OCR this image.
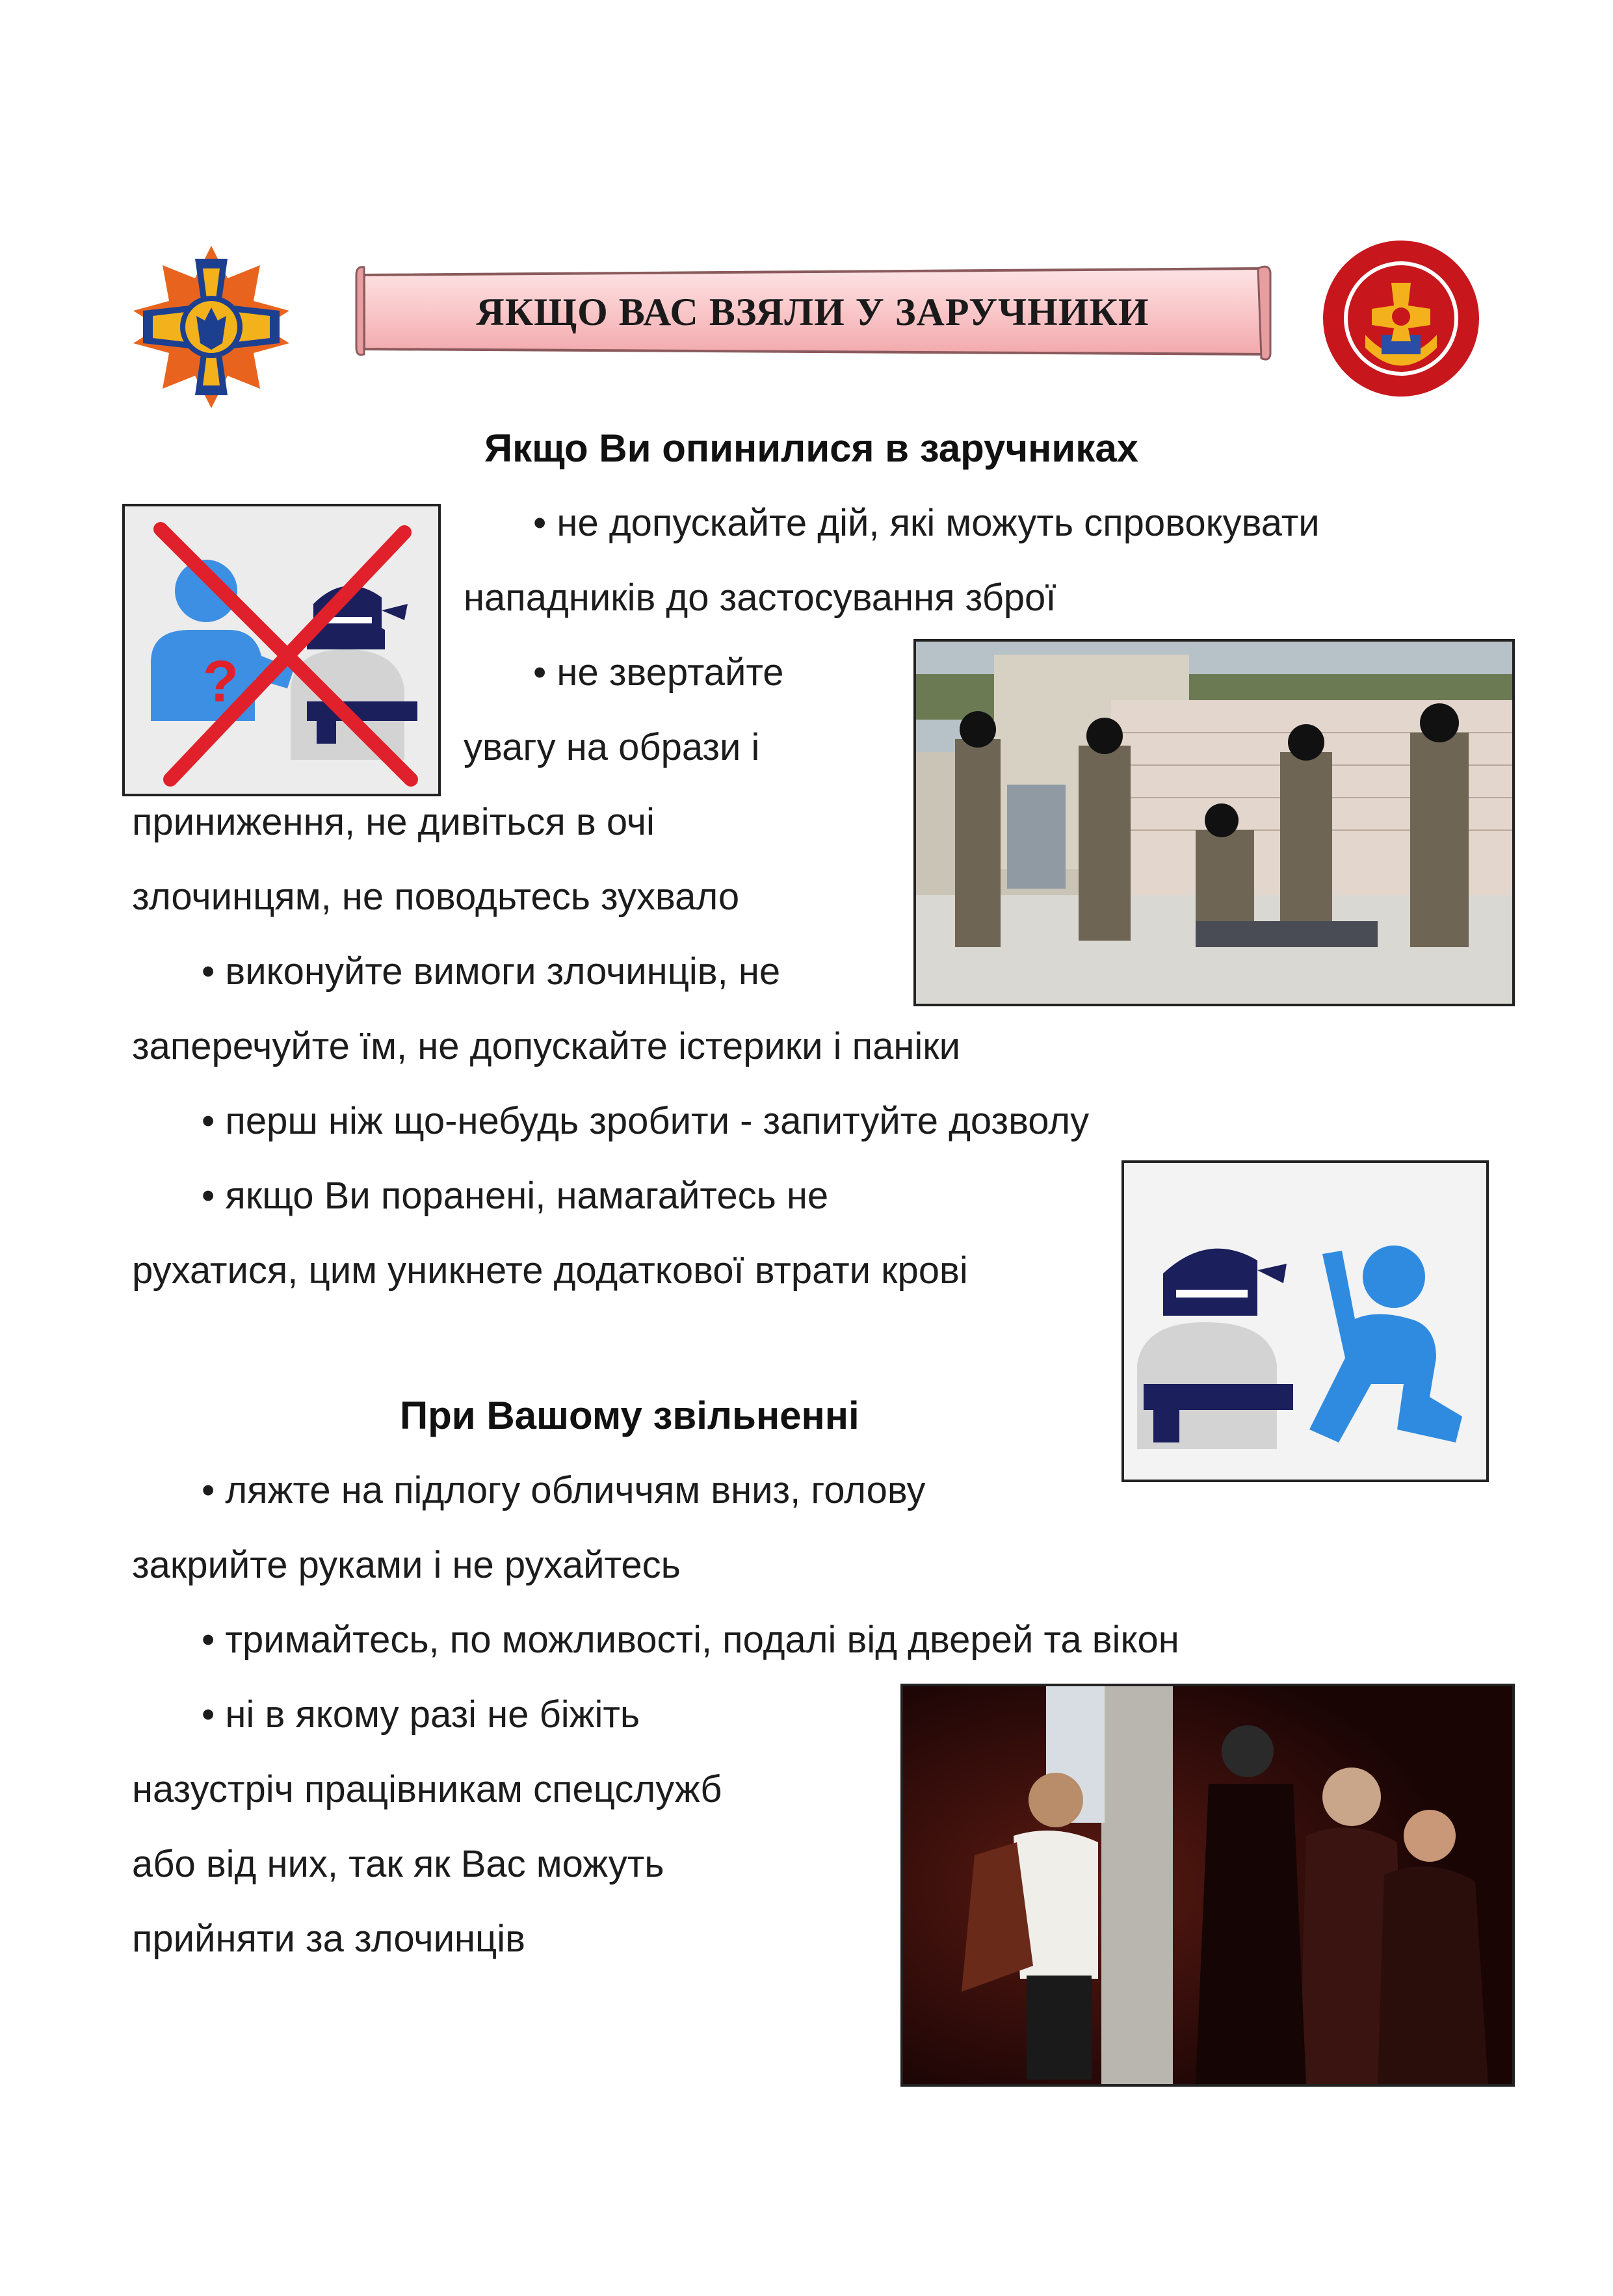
ЯКЩО ВАС ВЗЯЛИ У ЗАРУЧНИКИ
Якщо Ви опинилися в заручниках
?
• не допускайте дій, які можуть спровокувати
нападників до застосування зброї
• не звертайте
увагу на образи і
приниження, не дивіться в очі
злочинцям, не поводьтесь зухвало
• виконуйте вимоги злочинців, не
заперечуйте їм, не допускайте істерики і паніки
• перш ніж що-небудь зробити - запитуйте дозволу
• якщо Ви поранені, намагайтесь не
рухатися, цим уникнете додаткової втрати крові
При Вашому звільненні
• ляжте на підлогу обличчям вниз, голову
закрийте руками і не рухайтесь
• тримайтесь, по можливості, подалі від дверей та вікон
• ні в якому разі не біжіть
назустріч працівникам спецслужб
або від них, так як Вас можуть
прийняти за злочинців
